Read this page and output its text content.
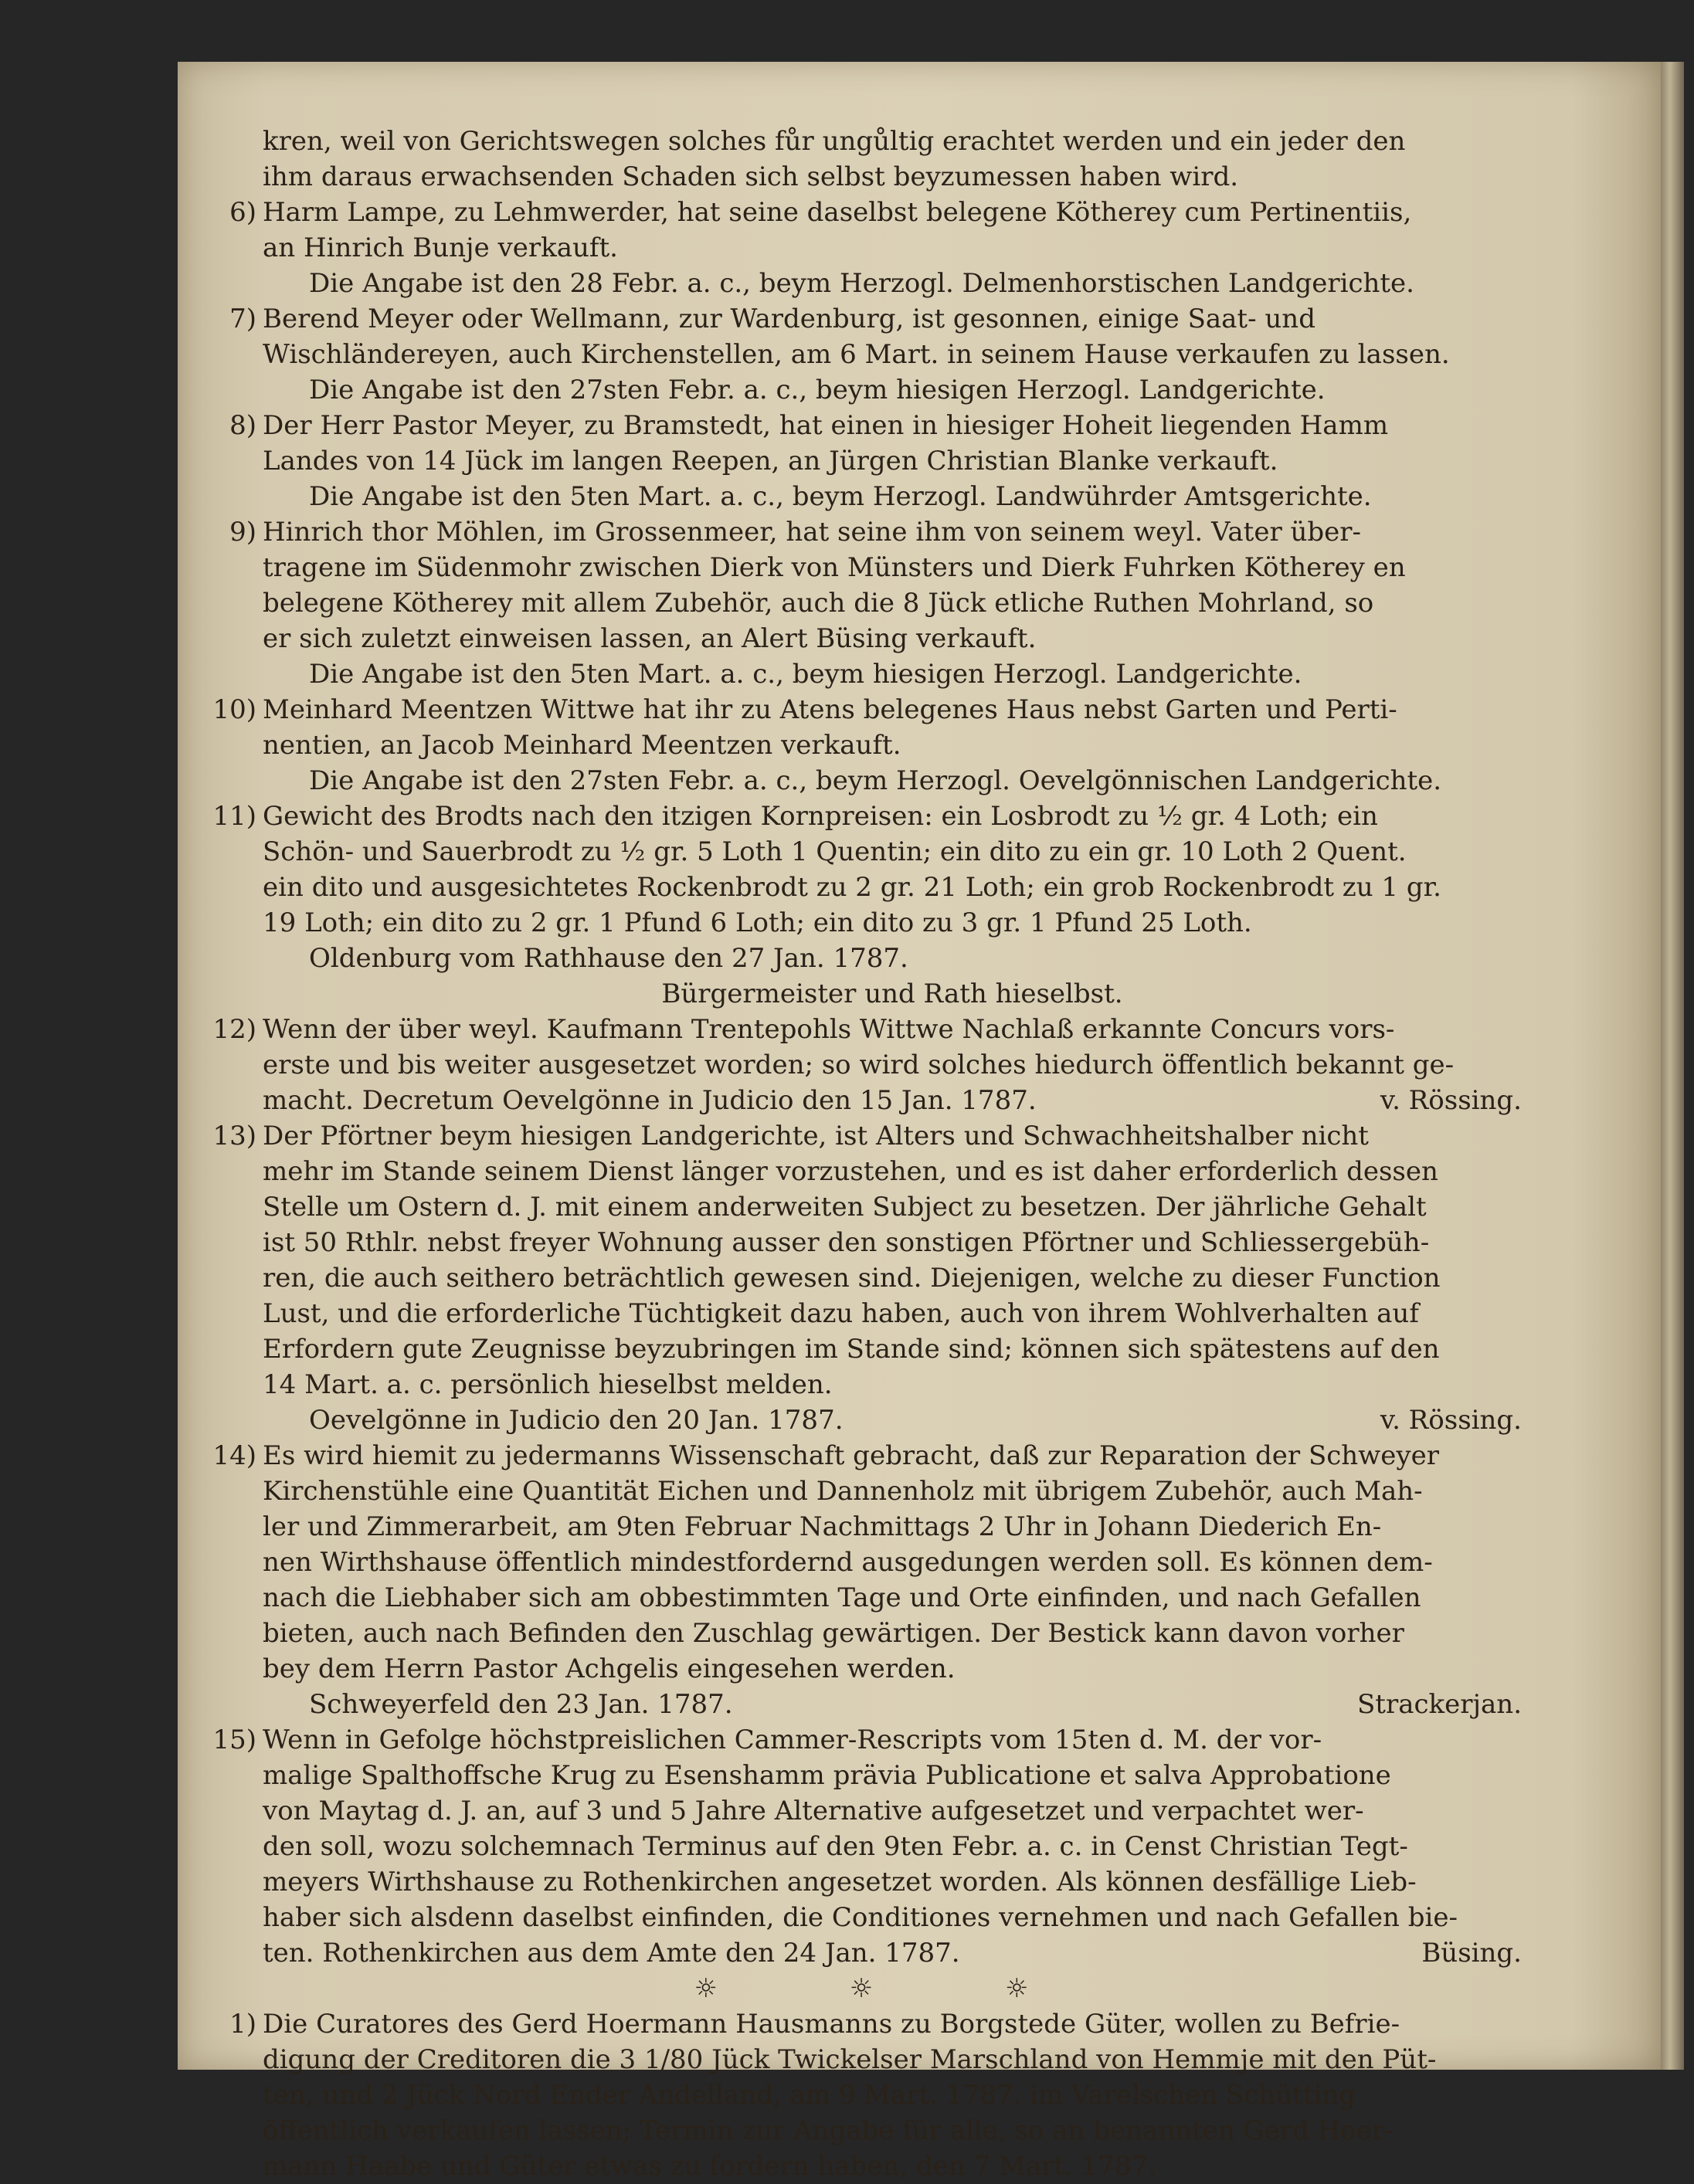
kren, weil von Gerichtswegen solches fůr ungůltig erachtet werden und ein jeder den
ihm daraus erwachsenden Schaden sich selbst beyzumessen haben wird.
6) Harm Lampe, zu Lehmwerder, hat seine daselbst belegene Kötherey cum Pertinentiis,
an Hinrich Bunje verkauft.
Die Angabe ist den 28 Febr. a. c., beym Herzogl. Delmenhorstischen Landgerichte.
7) Berend Meyer oder Wellmann, zur Wardenburg, ist gesonnen, einige Saat- und
Wischländereyen, auch Kirchenstellen, am 6 Mart. in seinem Hause verkaufen zu lassen.
Die Angabe ist den 27sten Febr. a. c., beym hiesigen Herzogl. Landgerichte.
8) Der Herr Pastor Meyer, zu Bramstedt, hat einen in hiesiger Hoheit liegenden Hamm
Landes von 14 Jück im langen Reepen, an Jürgen Christian Blanke verkauft.
Die Angabe ist den 5ten Mart. a. c., beym Herzogl. Landwührder Amtsgerichte.
9) Hinrich thor Möhlen, im Grossenmeer, hat seine ihm von seinem weyl. Vater über-
tragene im Südenmohr zwischen Dierk von Münsters und Dierk Fuhrken Kötherey en
belegene Kötherey mit allem Zubehör, auch die 8 Jück etliche Ruthen Mohrland, so
er sich zuletzt einweisen lassen, an Alert Büsing verkauft.
Die Angabe ist den 5ten Mart. a. c., beym hiesigen Herzogl. Landgerichte.
10) Meinhard Meentzen Wittwe hat ihr zu Atens belegenes Haus nebst Garten und Perti-
nentien, an Jacob Meinhard Meentzen verkauft.
Die Angabe ist den 27sten Febr. a. c., beym Herzogl. Oevelgönnischen Landgerichte.
11) Gewicht des Brodts nach den itzigen Kornpreisen: ein Losbrodt zu ½ gr. 4 Loth; ein
Schön- und Sauerbrodt zu ½ gr. 5 Loth 1 Quentin; ein dito zu ein gr. 10 Loth 2 Quent.
ein dito und ausgesichtetes Rockenbrodt zu 2 gr. 21 Loth; ein grob Rockenbrodt zu 1 gr.
19 Loth; ein dito zu 2 gr. 1 Pfund 6 Loth; ein dito zu 3 gr. 1 Pfund 25 Loth.
Oldenburg vom Rathhause den 27 Jan. 1787.
Bürgermeister und Rath hieselbst.
12) Wenn der über weyl. Kaufmann Trentepohls Wittwe Nachlaß erkannte Concurs vors-
erste und bis weiter ausgesetzet worden; so wird solches hiedurch öffentlich bekannt ge-
macht. Decretum Oevelgönne in Judicio den 15 Jan. 1787.	v. Rössing.
13) Der Pförtner beym hiesigen Landgerichte, ist Alters und Schwachheitshalber nicht
mehr im Stande seinem Dienst länger vorzustehen, und es ist daher erforderlich dessen
Stelle um Ostern d. J. mit einem anderweiten Subject zu besetzen. Der jährliche Gehalt
ist 50 Rthlr. nebst freyer Wohnung ausser den sonstigen Pförtner und Schliessergebüh-
ren, die auch seithero beträchtlich gewesen sind. Diejenigen, welche zu dieser Function
Lust, und die erforderliche Tüchtigkeit dazu haben, auch von ihrem Wohlverhalten auf
Erfordern gute Zeugnisse beyzubringen im Stande sind; können sich spätestens auf den
14 Mart. a. c. persönlich hieselbst melden.
Oevelgönne in Judicio den 20 Jan. 1787.	v. Rössing.
14) Es wird hiemit zu jedermanns Wissenschaft gebracht, daß zur Reparation der Schweyer
Kirchenstühle eine Quantität Eichen und Dannenholz mit übrigem Zubehör, auch Mah-
ler und Zimmerarbeit, am 9ten Februar Nachmittags 2 Uhr in Johann Diederich En-
nen Wirthshause öffentlich mindestfordernd ausgedungen werden soll. Es können dem-
nach die Liebhaber sich am obbestimmten Tage und Orte einfinden, und nach Gefallen
bieten, auch nach Befinden den Zuschlag gewärtigen. Der Bestick kann davon vorher
bey dem Herrn Pastor Achgelis eingesehen werden.
Schweyerfeld den 23 Jan. 1787.	Strackerjan.
15) Wenn in Gefolge höchstpreislichen Cammer-Rescripts vom 15ten d. M. der vor-
malige Spalthoffsche Krug zu Esenshamm prävia Publicatione et salva Approbatione
von Maytag d. J. an, auf 3 und 5 Jahre Alternative aufgesetzet und verpachtet wer-
den soll, wozu solchemnach Terminus auf den 9ten Febr. a. c. in Censt Christian Tegt-
meyers Wirthshause zu Rothenkirchen angesetzet worden. Als können desfällige Lieb-
haber sich alsdenn daselbst einfinden, die Conditiones vernehmen und nach Gefallen bie-
ten. Rothenkirchen aus dem Amte den 24 Jan. 1787.	Büsing.
☼ ☼ ☼
1) Die Curatores des Gerd Hoermann Hausmanns zu Borgstede Güter, wollen zu Befrie-
digung der Creditoren die 3 1/80 Jück Twickelser Marschland von Hemmje mit den Püt-
ten, und 2 Jück Nord Ender Andelland, am 9 Mart. 1787. im Varelschen Schütting
öffentlich verkaufen lassen; Termin zur Angabe für alle, so an benannten Gerd Hoer-
mann Haabe und Güter etwas zu fordern haben, den 7 Mart. 1787.
